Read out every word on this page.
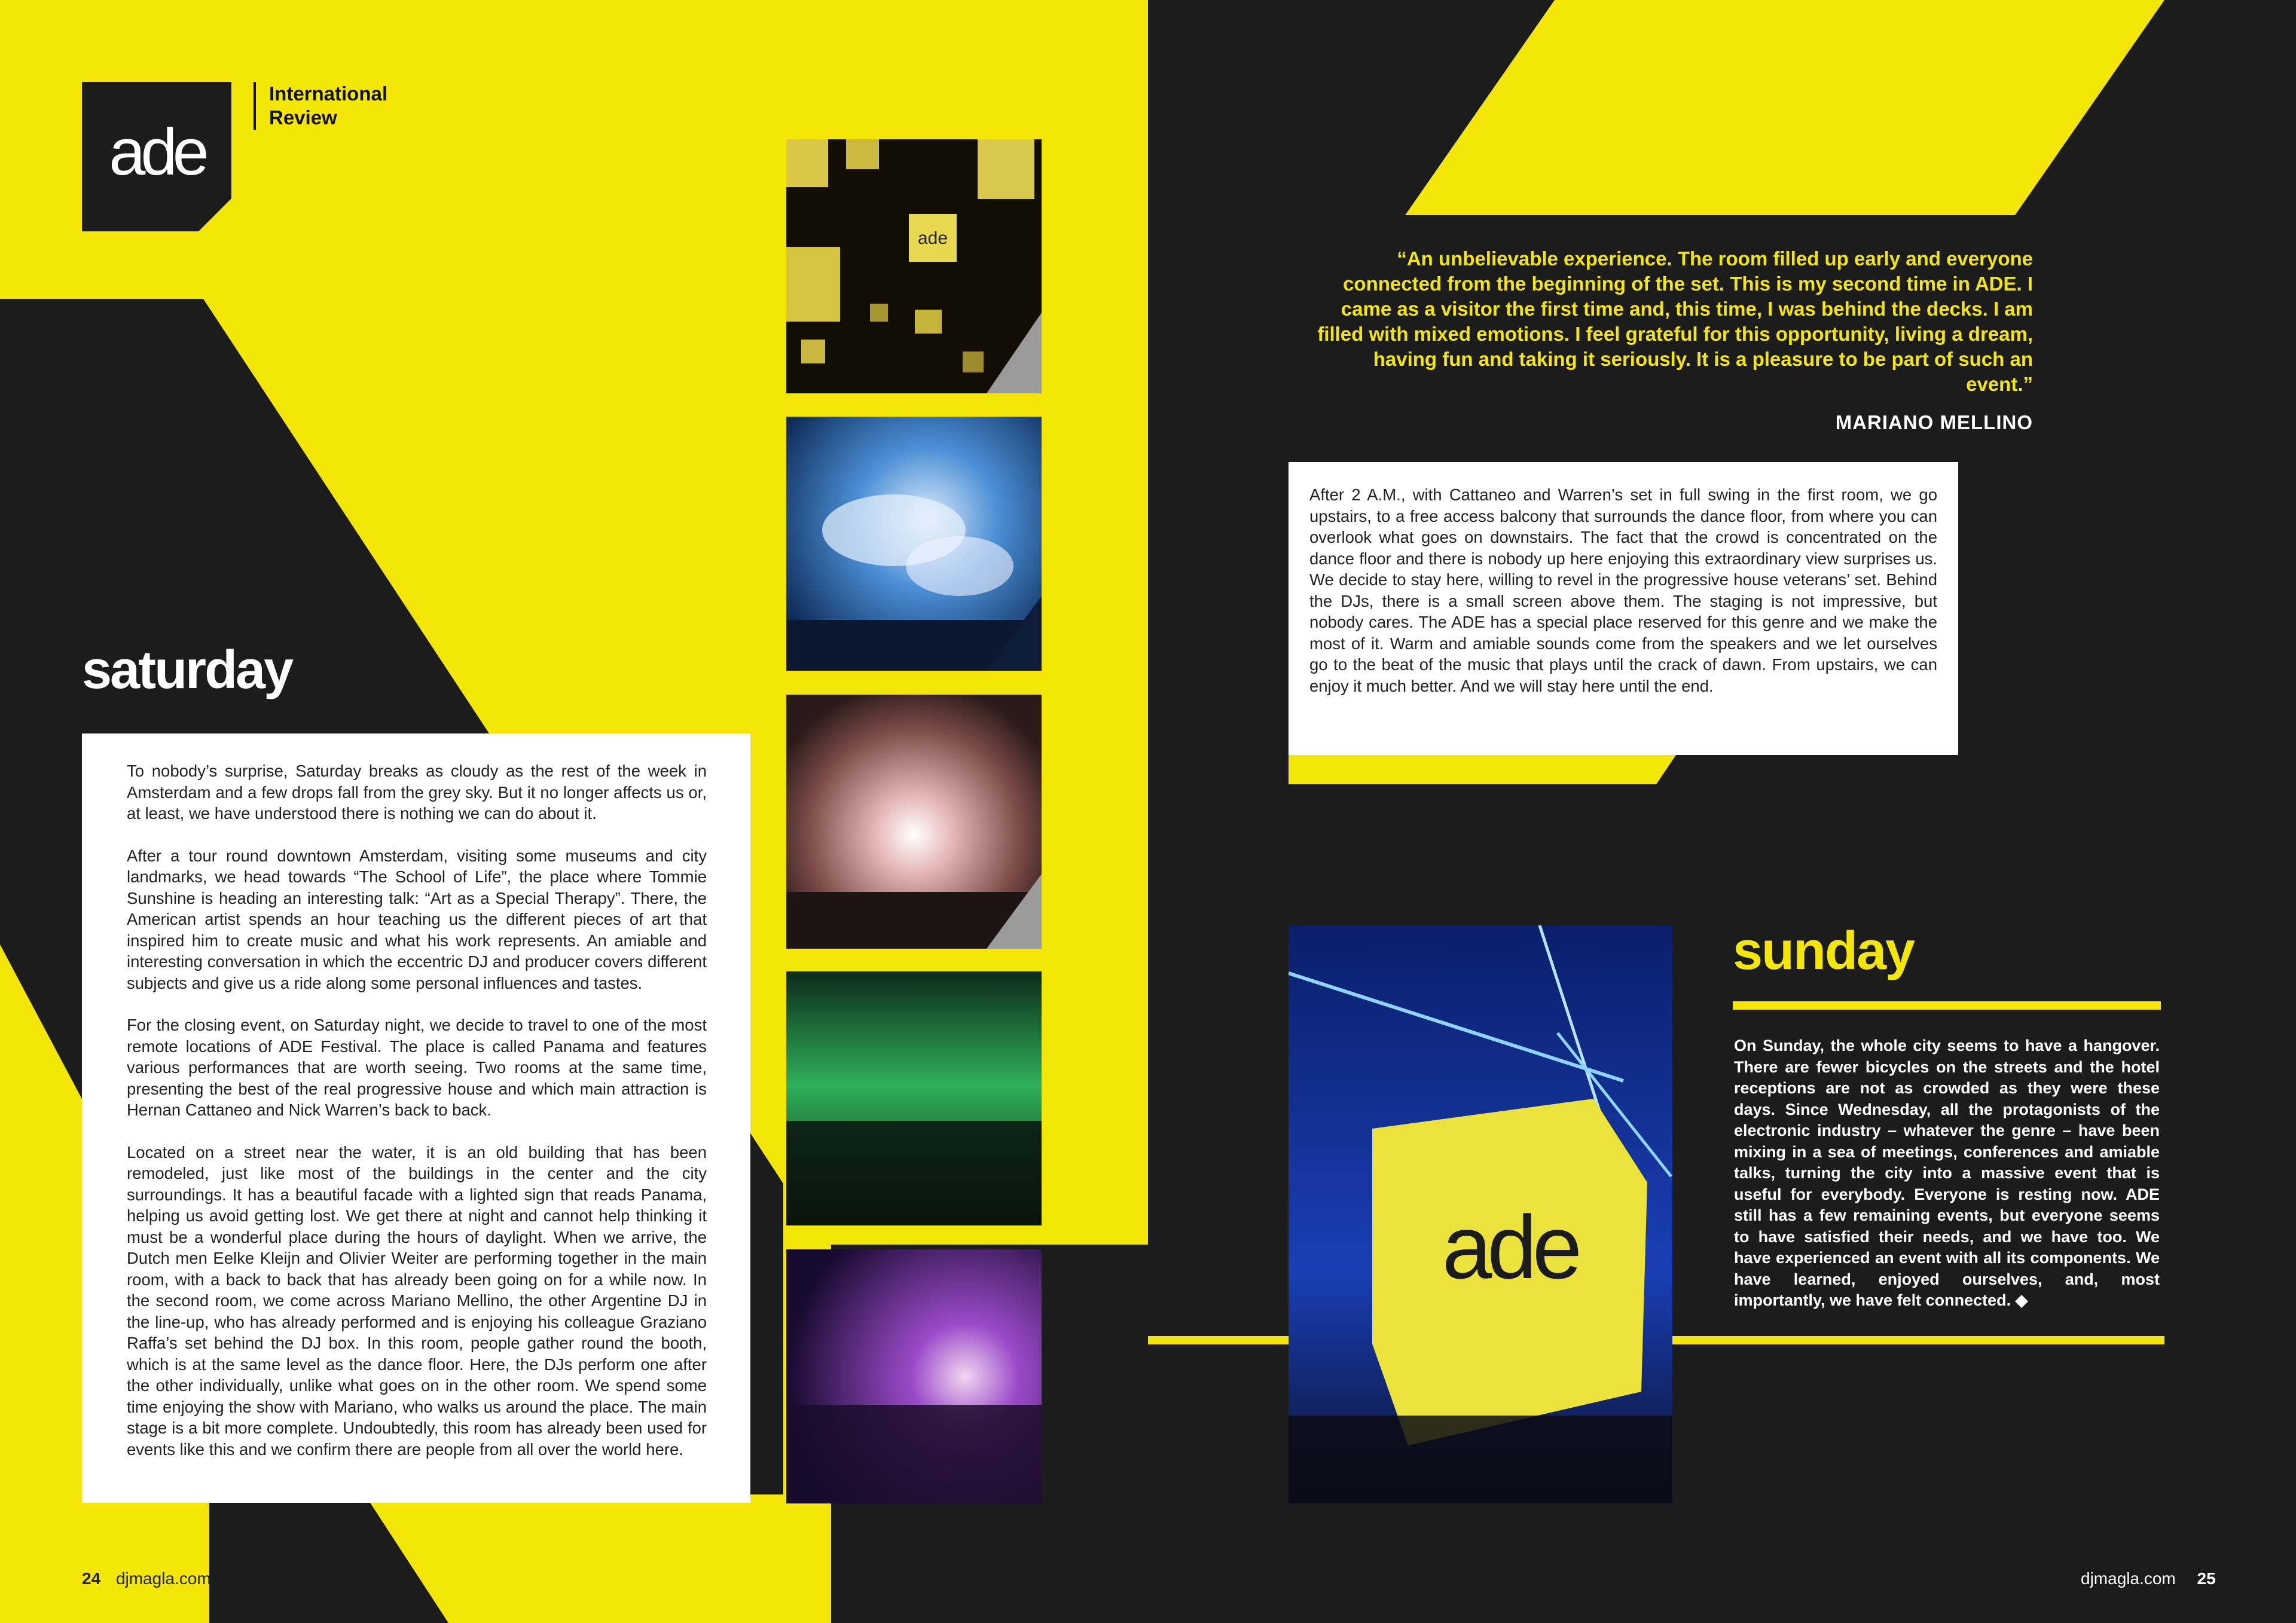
ade
International
Review
ade
ade
saturday

To nobody’s surprise, Saturday breaks as cloudy as the rest of the week in Amsterdam and a few drops fall from the grey sky. But it no longer affects us or, at least, we have understood there is nothing we can do about it.

After a tour round downtown Amsterdam, visiting some museums and city landmarks, we head towards “The School of Life”, the place where Tommie Sunshine is heading an interesting talk: “Art as a Special Therapy”. There, the American artist spends an hour teaching us the different pieces of art that inspired him to create music and what his work represents. An amiable and interesting conversation in which the eccentric DJ and producer covers different subjects and give us a ride along some personal influences and tastes.

For the closing event, on Saturday night, we decide to travel to one of the most remote locations of ADE Festival. The place is called Panama and features various performances that are worth seeing. Two rooms at the same time, presenting the best of the real progressive house and which main attraction is Hernan Cattaneo and Nick Warren’s back to back.

Located on a street near the water, it is an old building that has been remodeled, just like most of the buildings in the center and the city surroundings. It has a beautiful facade with a lighted sign that reads Panama, helping us avoid getting lost. We get there at night and cannot help thinking it must be a wonderful place during the hours of daylight. When we arrive, the Dutch men Eelke Kleijn and Olivier Weiter are performing together in the main room, with a back to back that has already been going on for a while now. In the second room, we come across Mariano Mellino, the other Argentine DJ in the line-up, who has already performed and is enjoying his colleague Graziano Raffa’s set behind the DJ box. In this room, people gather round the booth, which is at the same level as the dance floor. Here, the DJs perform one after the other individually, unlike what goes on in the other room. We spend some time enjoying the show with Mariano, who walks us around the place. The main stage is a bit more complete. Undoubtedly, this room has already been used for events like this and we confirm there are people from all over the world here.

“An unbelievable experience. The room filled up early and everyone connected from the beginning of the set. This is my second time in ADE. I came as a visitor the first time and, this time, I was behind the decks. I am filled with mixed emotions. I feel grateful for this opportunity, living a dream, having fun and taking it seriously. It is a pleasure to be part of such an event.”
MARIANO MELLINO
After 2 A.M., with Cattaneo and Warren’s set in full swing in the first room, we go upstairs, to a free access balcony that surrounds the dance floor, from where you can overlook what goes on downstairs. The fact that the crowd is concentrated on the dance floor and there is nobody up here enjoying this extraordinary view surprises us. We decide to stay here, willing to revel in the progressive house veterans’ set. Behind the DJs, there is a small screen above them. The staging is not impressive, but nobody cares. The ADE has a special place reserved for this genre and we make the most of it. Warm and amiable sounds come from the speakers and we let ourselves go to the beat of the music that plays until the crack of dawn. From upstairs, we can enjoy it much better. And we will stay here until the end.
sunday
On Sunday, the whole city seems to have a hangover. There are fewer bicycles on the streets and the hotel receptions are not as crowded as they were these days. Since Wednesday, all the protagonists of the electronic industry – whatever the genre – have been mixing in a sea of meetings, conferences and amiable talks, turning the city into a massive event that is useful for everybody. Everyone is resting now. ADE still has a few remaining events, but everyone seems to have satisfied their needs, and we have too. We have experienced an event with all its components. We have learned, enjoyed ourselves, and, most importantly, we have felt connected. ◆
24 djmagla.com	djmagla.com 25
